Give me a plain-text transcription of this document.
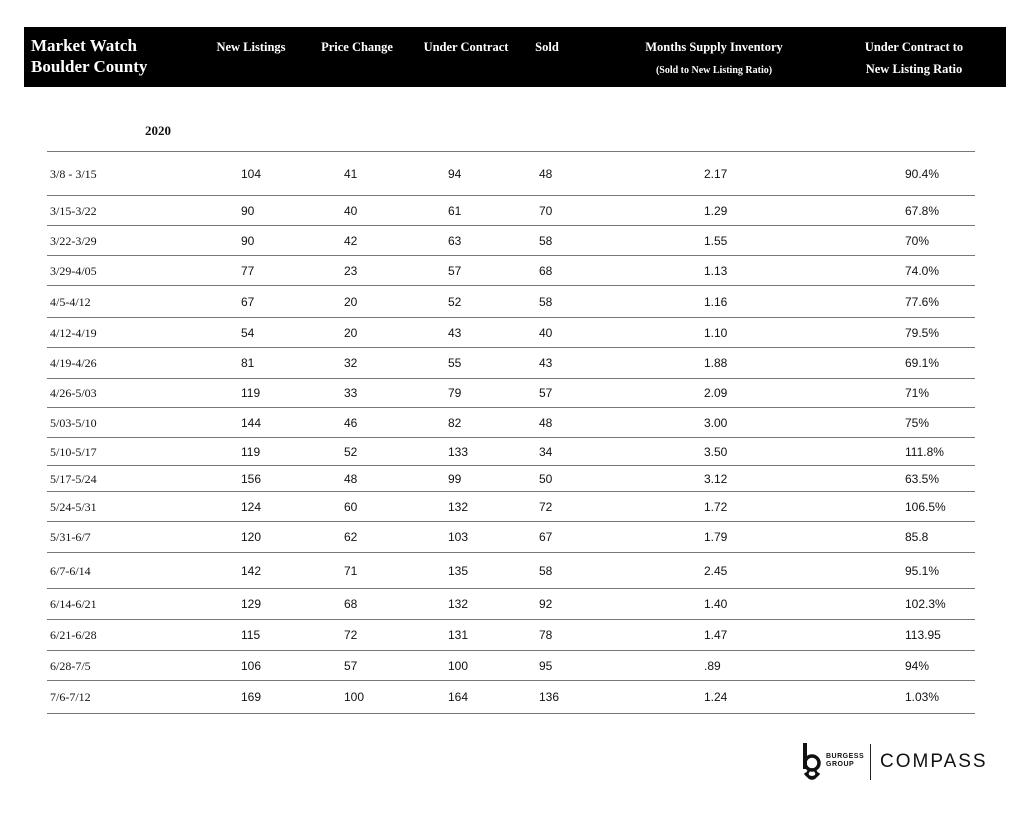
Market Watch
Boulder County
New Listings	Price Change	Under Contract	Sold	Months Supply Inventory
(Sold to New Listing Ratio)
Under Contract to
New Listing Ratio
2020
3/8 - 3/15	104	41	94	48	2.17	90.4%
3/15-3/22	90	40	61	70	1.29	67.8%
3/22-3/29	90	42	63	58	1.55	70%
3/29-4/05	77	23	57	68	1.13	74.0%
4/5-4/12	67	20	52	58	1.16	77.6%
4/12-4/19	54	20	43	40	1.10	79.5%
4/19-4/26	81	32	55	43	1.88	69.1%
4/26-5/03	119	33	79	57	2.09	71%
5/03-5/10	144	46	82	48	3.00	75%
5/10-5/17	119	52	133	34	3.50	111.8%
5/17-5/24	156	48	99	50	3.12	63.5%
5/24-5/31	124	60	132	72	1.72	106.5%
5/31-6/7	120	62	103	67	1.79	85.8
6/7-6/14	142	71	135	58	2.45	95.1%
6/14-6/21	129	68	132	92	1.40	102.3%
6/21-6/28	115	72	131	78	1.47	113.95
6/28-7/5	106	57	100	95	.89	94%
7/6-7/12	169	100	164	136	1.24	1.03%
BURGESS
GROUP	COMPASS
